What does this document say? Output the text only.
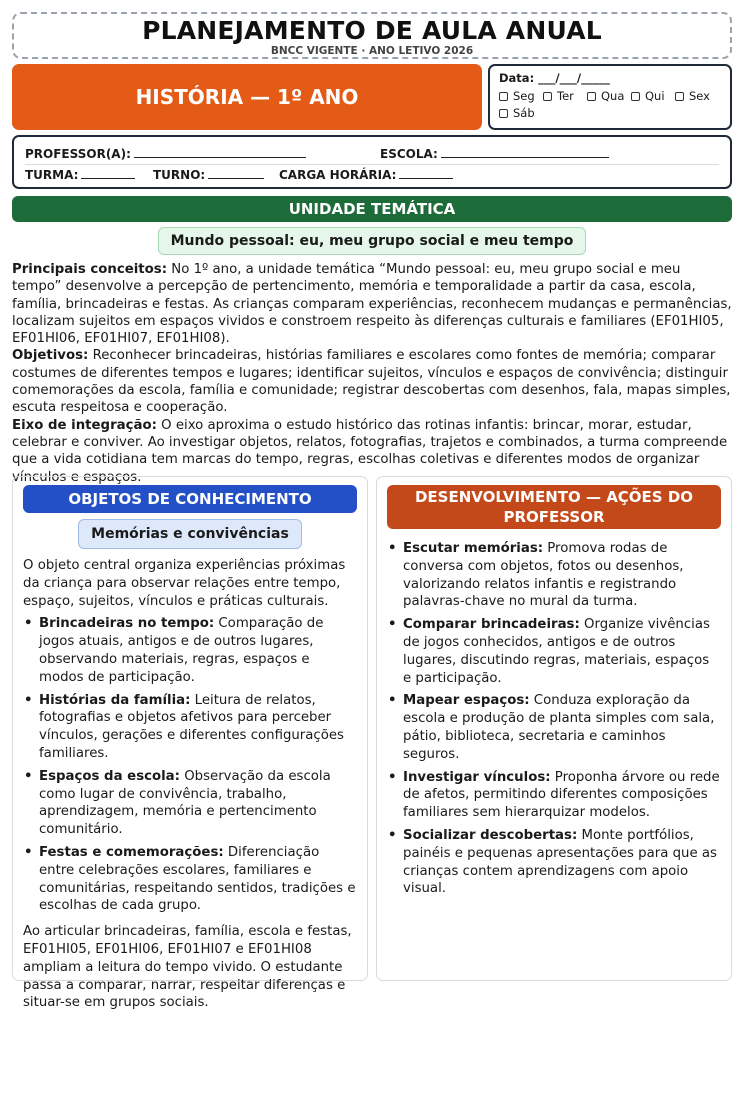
PLANEJAMENTO DE AULA ANUAL
BNCC VIGENTE · ANO LETIVO 2026
HISTÓRIA — 1º ANO
Data: ___/___/_____
Seg Ter Qua Qui Sex
Sáb
PROFESSOR(A):	ESCOLA:
TURMA:	TURNO:	CARGA HORÁRIA:
UNIDADE TEMÁTICA
Mundo pessoal: eu, meu grupo social e meu tempo

Principais conceitos: No 1º ano, a unidade temática “Mundo pessoal: eu, meu grupo social e meu tempo” desenvolve a percepção de pertencimento, memória e temporalidade a partir da casa, escola, família, brincadeiras e festas. As crianças comparam experiências, reconhecem mudanças e permanências, localizam sujeitos em espaços vividos e constroem respeito às diferenças culturais e familiares (EF01HI05, EF01HI06, EF01HI07, EF01HI08).

Objetivos: Reconhecer brincadeiras, histórias familiares e escolares como fontes de memória; comparar costumes de diferentes tempos e lugares; identificar sujeitos, vínculos e espaços de convivência; distinguir comemorações da escola, família e comunidade; registrar descobertas com desenhos, fala, mapas simples, escuta respeitosa e cooperação.

Eixo de integração: O eixo aproxima o estudo histórico das rotinas infantis: brincar, morar, estudar, celebrar e conviver. Ao investigar objetos, relatos, fotografias, trajetos e combinados, a turma compreende que a vida cotidiana tem marcas do tempo, regras, escolhas coletivas e diferentes modos de organizar vínculos e espaços.

OBJETOS DE CONHECIMENTO
Memórias e convivências

O objeto central organiza experiências próximas da criança para observar relações entre tempo, espaço, sujeitos, vínculos e práticas culturais.

• Brincadeiras no tempo: Comparação de jogos atuais, antigos e de outros lugares, observando materiais, regras, espaços e modos de participação.
• Histórias da família: Leitura de relatos, fotografias e objetos afetivos para perceber vínculos, gerações e diferentes configurações familiares.
• Espaços da escola: Observação da escola como lugar de convivência, trabalho, aprendizagem, memória e pertencimento comunitário.
• Festas e comemorações: Diferenciação entre celebrações escolares, familiares e comunitárias, respeitando sentidos, tradições e escolhas de cada grupo.

Ao articular brincadeiras, família, escola e festas, EF01HI05, EF01HI06, EF01HI07 e EF01HI08 ampliam a leitura do tempo vivido. O estudante passa a comparar, narrar, respeitar diferenças e situar-se em grupos sociais.

DESENVOLVIMENTO — AÇÕES DO PROFESSOR
• Escutar memórias: Promova rodas de conversa com objetos, fotos ou desenhos, valorizando relatos infantis e registrando palavras-chave no mural da turma.
• Comparar brincadeiras: Organize vivências de jogos conhecidos, antigos e de outros lugares, discutindo regras, materiais, espaços e participação.
• Mapear espaços: Conduza exploração da escola e produção de planta simples com sala, pátio, biblioteca, secretaria e caminhos seguros.
• Investigar vínculos: Proponha árvore ou rede de afetos, permitindo diferentes composições familiares sem hierarquizar modelos.
• Socializar descobertas: Monte portfólios, painéis e pequenas apresentações para que as crianças contem aprendizagens com apoio visual.
